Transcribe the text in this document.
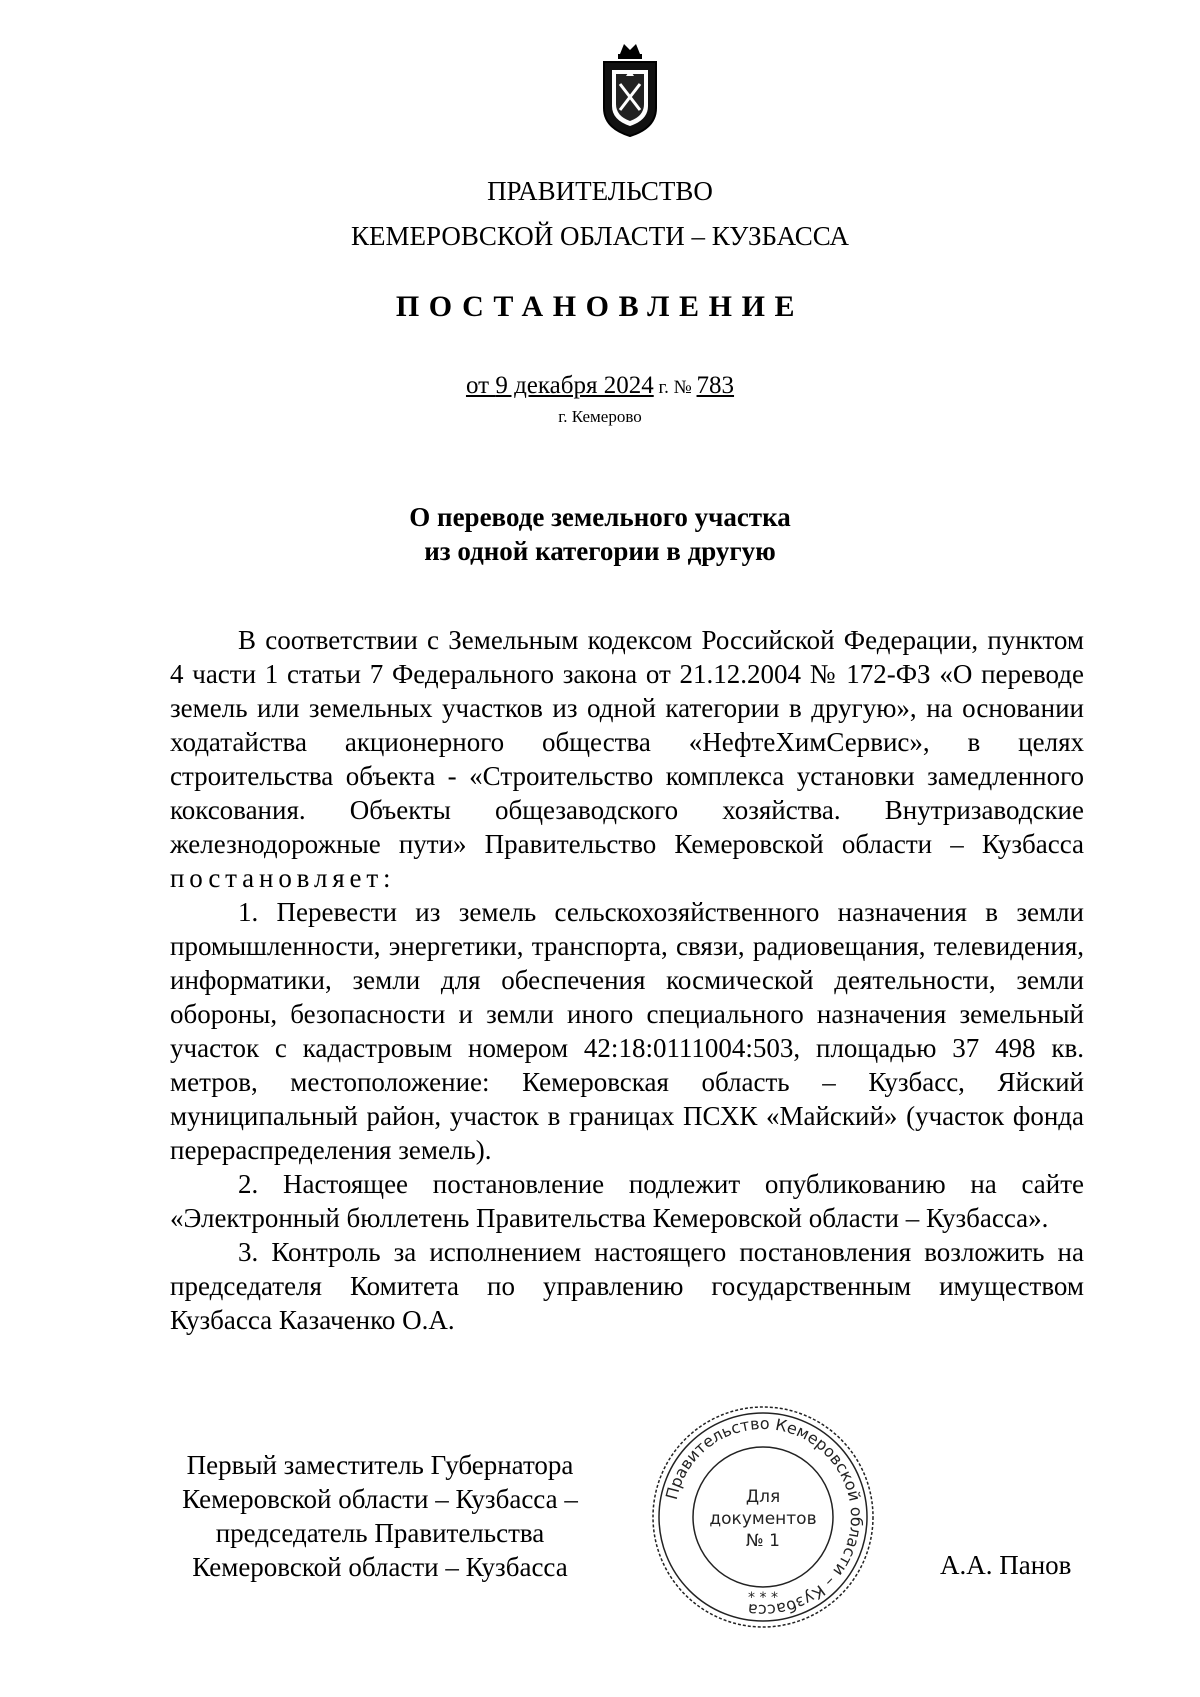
ПРАВИТЕЛЬСТВО
КЕМЕРОВСКОЙ ОБЛАСТИ – КУЗБАССА
ПОСТАНОВЛЕНИЕ
от 9 декабря 2024 г. № 783
г. Кемерово
О переводе земельного участка
из одной категории в другую

В соответствии с Земельным кодексом Российской Федерации, пунктом 4 части 1 статьи 7 Федерального закона от 21.12.2004 № 172-ФЗ «О переводе земель или земельных участков из одной категории в другую», на основании ходатайства акционерного общества «НефтеХимСервис», в целях строительства объекта - «Строительство комплекса установки замедленного коксования. Объекты общезаводского хозяйства. Внутризаводские железнодорожные пути» Правительство Кемеровской области – Кузбасса постановляет:

1. Перевести из земель сельскохозяйственного назначения в земли промышленности, энергетики, транспорта, связи, радиовещания, телевидения, информатики, земли для обеспечения космической деятельности, земли обороны, безопасности и земли иного специального назначения земельный участок с кадастровым номером 42:18:0111004:503, площадью 37 498 кв. метров, местоположение: Кемеровская область – Кузбасс, Яйский муниципальный район, участок в границах ПСХК «Майский» (участок фонда перераспределения земель).

2. Настоящее постановление подлежит опубликованию на сайте «Электронный бюллетень Правительства Кемеровской области – Кузбасса».

3. Контроль за исполнением настоящего постановления возложить на председателя Комитета по управлению государственным имуществом Кузбасса Казаченко О.А.

Первый заместитель Губернатора
Кемеровской области – Кузбасса –
председатель Правительства
Кемеровской области – Кузбасса
Правительство Кемеровской области – Кузбасса
Для
документов
№ 1
* * *
А.А. Панов
